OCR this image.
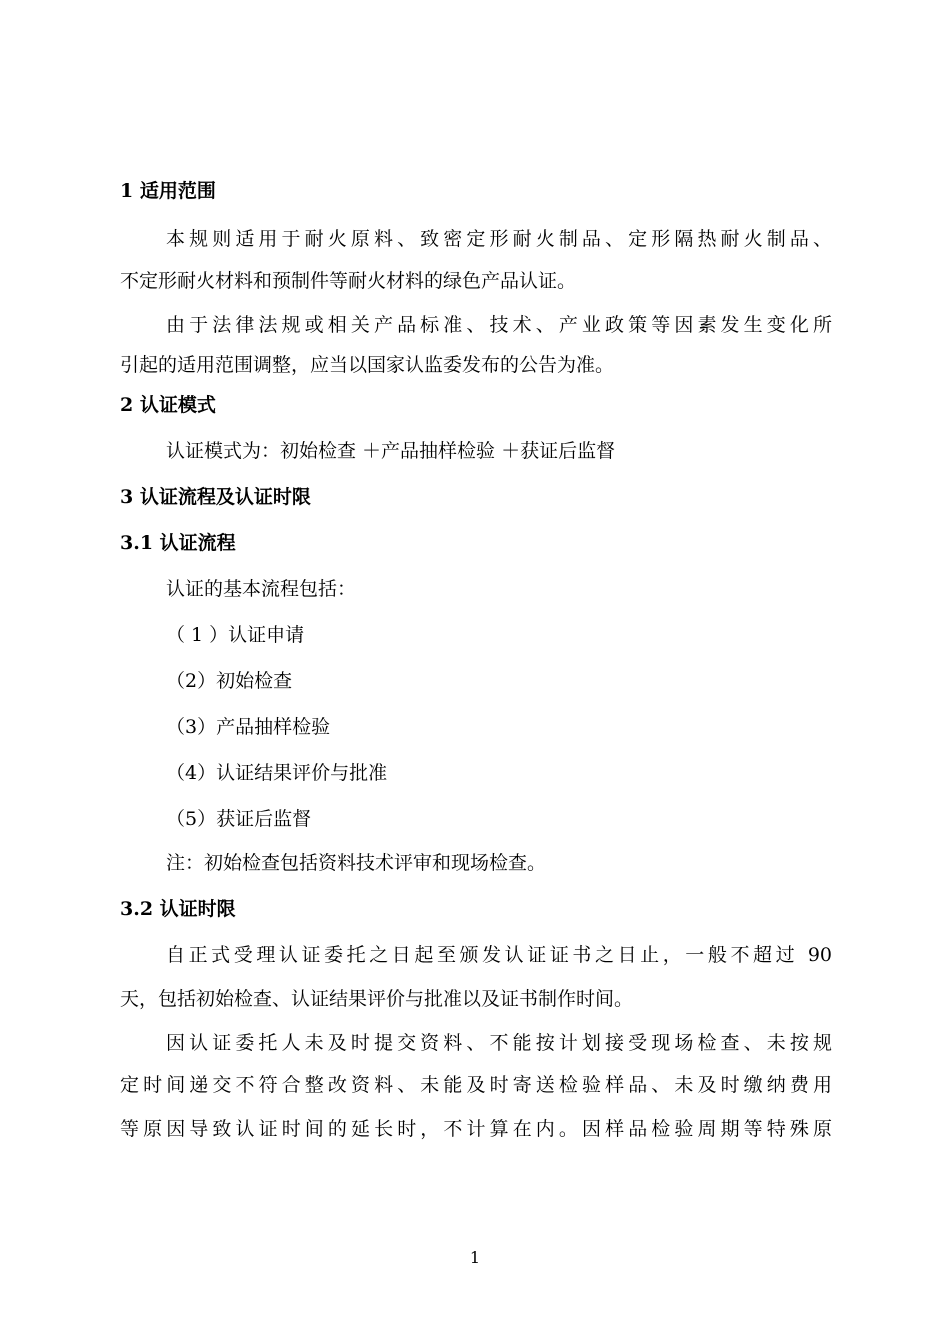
1 适用范围
本规则适用于耐火原料、致密定形耐火制品、定形隔热耐火制品、
不定形耐火材料和预制件等耐火材料的绿色产品认证。
由于法律法规或相关产品标准、技术、产业政策等因素发生变化所
引起的适用范围调整，应当以国家认监委发布的公告为准。
2 认证模式
认证模式为：初始检查 ＋产品抽样检验 ＋获证后监督
3 认证流程及认证时限
3.1 认证流程
认证的基本流程包括：
（ 1 ）认证申请
（2）初始检查
（3）产品抽样检验
（4）认证结果评价与批准
（5）获证后监督
注：初始检查包括资料技术评审和现场检查。
3.2 认证时限
自正式受理认证委托之日起至颁发认证证书之日止，一般不超过 90
天，包括初始检查、认证结果评价与批准以及证书制作时间。
因认证委托人未及时提交资料、不能按计划接受现场检查、未按规
定时间递交不符合整改资料、未能及时寄送检验样品、未及时缴纳费用
等原因导致认证时间的延长时，不计算在内。因样品检验周期等特殊原
1
